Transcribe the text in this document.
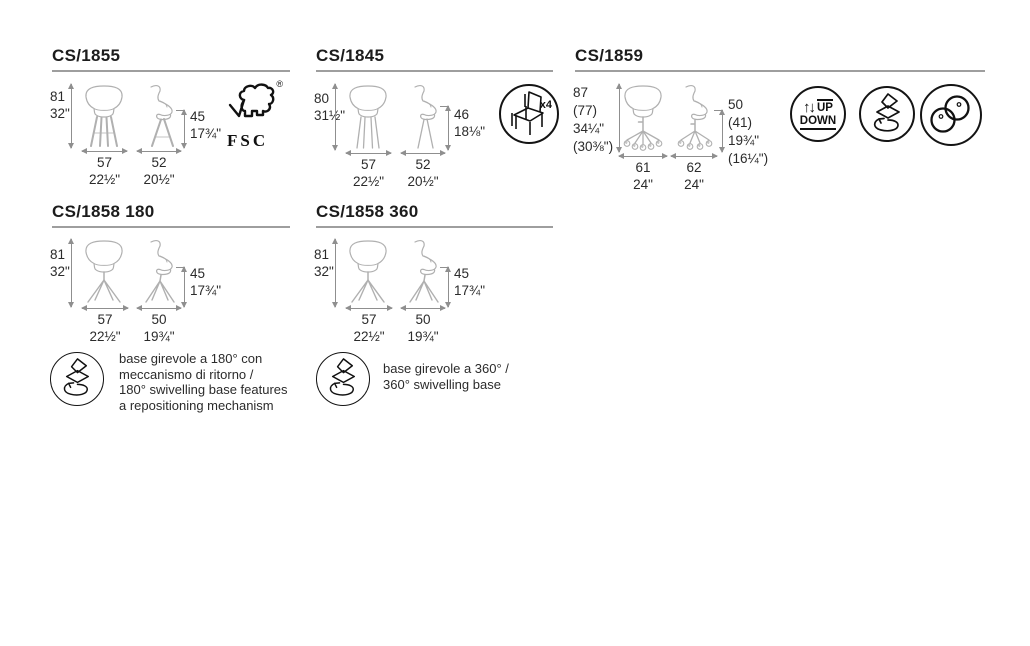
CS/1855
81
32"	45
17¾"
57
22½"
52
20½"
®
FSC
CS/1845
80
31½"	46
18⅛"
57
22½"
52
20½"
x4
CS/1859
87
(77)
34¼"
(30⅜")
50
(41)
19¾"
(16¼")
61
24"
62
24"
↑↓ UP
DOWN
CS/1858 180
81
32"	45
17¾"
57
22½"
50
19¾"
base girevole a 180° con
meccanismo di ritorno /
180° swivelling base features
a repositioning mechanism
CS/1858 360
81
32"	45
17¾"
57
22½"
50
19¾"
base girevole a 360° /
360° swivelling base
